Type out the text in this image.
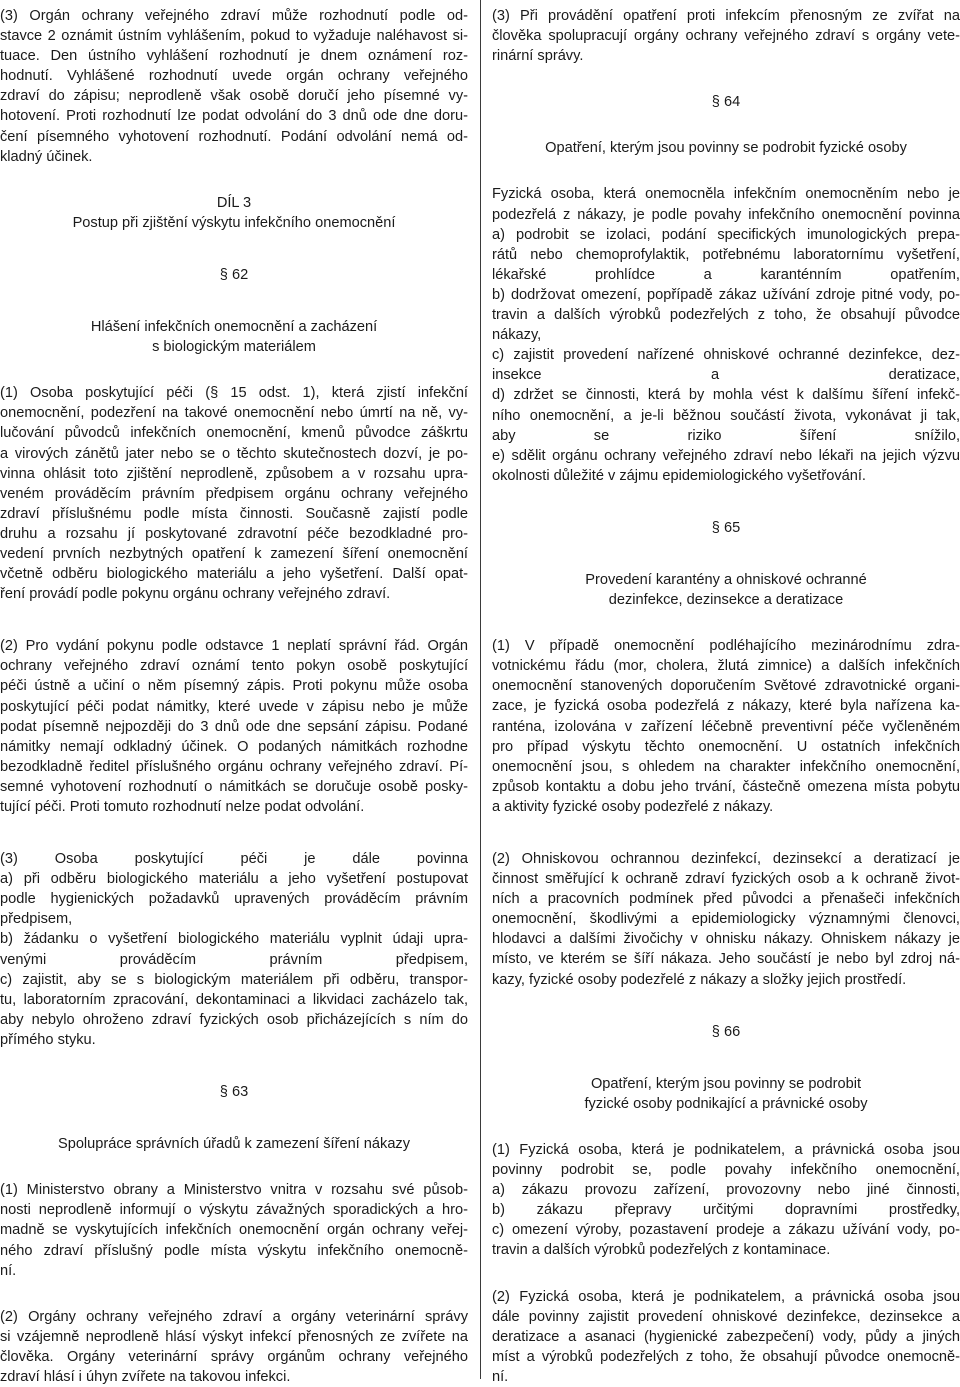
(3) Orgán ochrany veřejného zdraví může rozhodnutí podle od-
stavce 2 oznámit ústním vyhlášením, pokud to vyžaduje naléhavost si-
tuace. Den ústního vyhlášení rozhodnutí je dnem oznámení roz-
hodnutí. Vyhlášené rozhodnutí uvede orgán ochrany veřejného
zdraví do zápisu; neprodleně však osobě doručí jeho písemné vy-
hotovení. Proti rozhodnutí lze podat odvolání do 3 dnů ode dne doru-
čení písemného vyhotovení rozhodnutí. Podání odvolání nemá od-
kladný účinek.

DÍL 3

Postup při zjištění výskytu infekčního onemocnění

§ 62

Hlášení infekčních onemocnění a zacházení

s biologickým materiálem

(1) Osoba poskytující péči (§ 15 odst. 1), která zjistí infekční
onemocnění, podezření na takové onemocnění nebo úmrtí na ně, vy-
lučování původců infekčních onemocnění, kmenů původce záškrtu
a virových zánětů jater nebo se o těchto skutečnostech dozví, je po-
vinna ohlásit toto zjištění neprodleně, způsobem a v rozsahu upra-
veném prováděcím právním předpisem orgánu ochrany veřejného
zdraví příslušnému podle místa činnosti. Současně zajistí podle
druhu a rozsahu jí poskytované zdravotní péče bezodkladné pro-
vedení prvních nezbytných opatření k zamezení šíření onemocnění
včetně odběru biologického materiálu a jeho vyšetření. Další opat-
ření provádí podle pokynu orgánu ochrany veřejného zdraví.
(2) Pro vydání pokynu podle odstavce 1 neplatí správní řád. Orgán
ochrany veřejného zdraví oznámí tento pokyn osobě poskytující
péči ústně a učiní o něm písemný zápis. Proti pokynu může osoba
poskytující péči podat námitky, které uvede v zápisu nebo je může
podat písemně nejpozději do 3 dnů ode dne sepsání zápisu. Podané
námitky nemají odkladný účinek. O podaných námitkách rozhodne
bezodkladně ředitel příslušného orgánu ochrany veřejného zdraví. Pí-
semné vyhotovení rozhodnutí o námitkách se doručuje osobě posky-
tující péči. Proti tomuto rozhodnutí nelze podat odvolání.
(3) Osoba poskytující péči je dále povinna
a) při odběru biologického materiálu a jeho vyšetření postupovat
podle hygienických požadavků upravených prováděcím právním
předpisem,
b) žádanku o vyšetření biologického materiálu vyplnit údaji upra-
venými prováděcím právním předpisem,
c) zajistit, aby se s biologickým materiálem při odběru, transpor-
tu, laboratorním zpracování, dekontaminaci a likvidaci zacházelo tak,
aby nebylo ohroženo zdraví fyzických osob přicházejících s ním do
přímého styku.

§ 63

Spolupráce správních úřadů k zamezení šíření nákazy

(1) Ministerstvo obrany a Ministerstvo vnitra v rozsahu své působ-
nosti neprodleně informují o výskytu závažných sporadických a hro-
madně se vyskytujících infekčních onemocnění orgán ochrany veřej-
ného zdraví příslušný podle místa výskytu infekčního onemocně-
ní.
(2) Orgány ochrany veřejného zdraví a orgány veterinární správy
si vzájemně neprodleně hlásí výskyt infekcí přenosných ze zvířete na
člověka. Orgány veterinární správy orgánům ochrany veřejného
zdraví hlásí i úhyn zvířete na takovou infekci.
(3) Při provádění opatření proti infekcím přenosným ze zvířat na
člověka spolupracují orgány ochrany veřejného zdraví s orgány vete-
rinární správy.

§ 64

Opatření, kterým jsou povinny se podrobit fyzické osoby

Fyzická osoba, která onemocněla infekčním onemocněním nebo je
podezřelá z nákazy, je podle povahy infekčního onemocnění povinna
a) podrobit se izolaci, podání specifických imunologických prepa-
rátů nebo chemoprofylaktik, potřebnému laboratornímu vyšetření,
lékařské prohlídce a karanténním opatřením,
b) dodržovat omezení, popřípadě zákaz užívání zdroje pitné vody, po-
travin a dalších výrobků podezřelých z toho, že obsahují původce
nákazy,
c) zajistit provedení nařízené ohniskové ochranné dezinfekce, dez-
insekce a deratizace,
d) zdržet se činnosti, která by mohla vést k dalšímu šíření infekč-
ního onemocnění, a je-li běžnou součástí života, vykonávat ji tak,
aby se riziko šíření snížilo,
e) sdělit orgánu ochrany veřejného zdraví nebo lékaři na jejich výzvu
okolnosti důležité v zájmu epidemiologického vyšetřování.

§ 65

Provedení karantény a ohniskové ochranné

dezinfekce, dezinsekce a deratizace

(1) V případě onemocnění podléhajícího mezinárodnímu zdra-
votnickému řádu (mor, cholera, žlutá zimnice) a dalších infekčních
onemocnění stanovených doporučením Světové zdravotnické organi-
zace, je fyzická osoba podezřelá z nákazy, které byla nařízena ka-
ranténa, izolována v zařízení léčebně preventivní péče vyčleněném
pro případ výskytu těchto onemocnění. U ostatních infekčních
onemocnění jsou, s ohledem na charakter infekčního onemocnění,
způsob kontaktu a dobu jeho trvání, částečně omezena místa pobytu
a aktivity fyzické osoby podezřelé z nákazy.
(2) Ohniskovou ochrannou dezinfekcí, dezinsekcí a deratizací je
činnost směřující k ochraně zdraví fyzických osob a k ochraně život-
ních a pracovních podmínek před původci a přenašeči infekčních
onemocnění, škodlivými a epidemiologicky významnými členovci,
hlodavci a dalšími živočichy v ohnisku nákazy. Ohniskem nákazy je
místo, ve kterém se šíří nákaza. Jeho součástí je nebo byl zdroj ná-
kazy, fyzické osoby podezřelé z nákazy a složky jejich prostředí.

§ 66

Opatření, kterým jsou povinny se podrobit

fyzické osoby podnikající a právnické osoby

(1) Fyzická osoba, která je podnikatelem, a právnická osoba jsou
povinny podrobit se, podle povahy infekčního onemocnění,
a) zákazu provozu zařízení, provozovny nebo jiné činnosti,
b) zákazu přepravy určitými dopravními prostředky,
c) omezení výroby, pozastavení prodeje a zákazu užívání vody, po-
travin a dalších výrobků podezřelých z kontaminace.
(2) Fyzická osoba, která je podnikatelem, a právnická osoba jsou
dále povinny zajistit provedení ohniskové dezinfekce, dezinsekce a
deratizace a asanaci (hygienické zabezpečení) vody, půdy a jiných
míst a výrobků podezřelých z toho, že obsahují původce onemocně-
ní.
